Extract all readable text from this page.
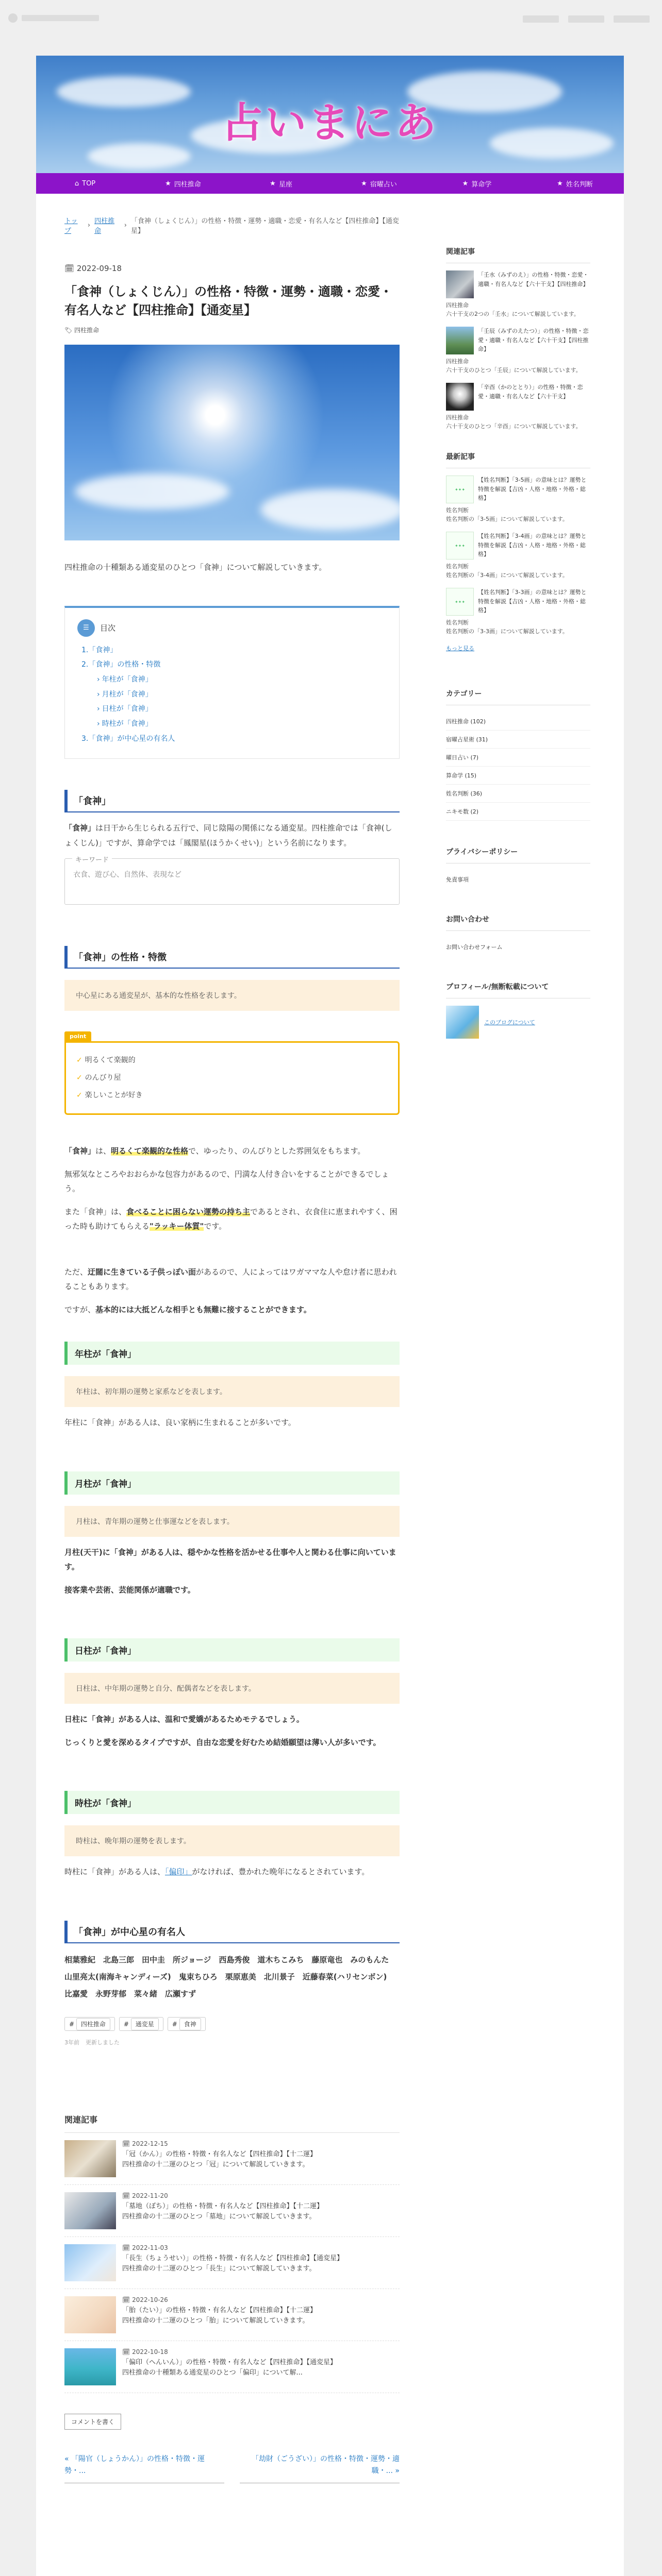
占いまにあ
⌂ TOP	★ 四柱推命	★ 星座	★ 宿曜占い	★ 算命学	★ 姓名判断
トップ
› 四柱推命
› 「食神（しょくじん）」の性格・特徴・運勢・適職・恋愛・有名人など【四柱推命】【通変星】
🗓 2022-09-18
「食神（しょくじん）」の性格・特徴・運勢・適職・恋愛・有名人など【四柱推命】【通変星】
🏷 四柱推命

四柱推命の十種類ある通変星のひとつ「食神」について解説していきます。

☰	目次
1.「食神」
2.「食神」の性格・特徴
› 年柱が「食神」
› 月柱が「食神」
› 日柱が「食神」
› 時柱が「食神」
3.「食神」が中心星の有名人
「食神」

「食神」は日干から生じられる五行で、同じ陰陽の関係になる通変星。四柱推命では「食神(しょくじん)」ですが、算命学では「鳳閣星(ほうかくせい)」という名前になります。

キーワード
衣食、遊び心、自然体、表現など
「食神」の性格・特徴
中心星にある通変星が、基本的な性格を表します。
point
✓ 明るくて楽観的
✓ のんびり屋
✓ 楽しいことが好き

「食神」は、明るくて楽観的な性格で、ゆったり、のんびりとした雰囲気をもちます。

無邪気なところやおおらかな包容力があるので、円満な人付き合いをすることができるでしょう。

また「食神」は、食べることに困らない運勢の持ち主であるとされ、衣食住に恵まれやすく、困った時も助けてもらえる"ラッキー体質"です。

ただ、迂闊に生きている子供っぽい面があるので、人によってはワガママな人や怠け者に思われることもあります。

ですが、基本的には大抵どんな相手とも無難に接することができます。

年柱が「食神」
年柱は、初年期の運勢と家系などを表します。

年柱に「食神」がある人は、良い家柄に生まれることが多いです。

月柱が「食神」
月柱は、青年期の運勢と仕事運などを表します。

月柱(天干)に「食神」がある人は、穏やかな性格を活かせる仕事や人と関わる仕事に向いています。

接客業や芸術、芸能関係が適職です。

日柱が「食神」
日柱は、中年期の運勢と自分、配偶者などを表します。

日柱に「食神」がある人は、温和で愛嬌があるためモテるでしょう。

じっくりと愛を深めるタイプですが、自由な恋愛を好むため結婚願望は薄い人が多いです。

時柱が「食神」
時柱は、晩年期の運勢を表します。

時柱に「食神」がある人は、「偏印」がなければ、豊かれた晩年になるとされています。

「食神」が中心星の有名人

相葉雅紀　北島三郎　田中圭　所ジョージ　西島秀俊　道木ちこみち　藤原竜也　みのもんた　山里亮太(南海キャンディーズ)　鬼束ちひろ　栗原恵美　北川景子　近藤春菜(ハリセンボン)　比嘉愛　永野芽郁　菜々緒　広瀬すず

# 四柱推命	# 通変星	# 食神
3年前 更新しました
関連記事
🗓 2022-12-15
「冠（かん）」の性格・特徴・有名人など【四柱推命】【十二運】
四柱推命の十二運のひとつ「冠」について解説していきます。
🗓 2022-11-20
「墓地（ぼち）」の性格・特徴・有名人など【四柱推命】【十二運】
四柱推命の十二運のひとつ「墓地」について解説していきます。
🗓 2022-11-03
「長生（ちょうせい）」の性格・特徴・有名人など【四柱推命】【通変星】
四柱推命の十二運のひとつ「長生」について解説していきます。
🗓 2022-10-26
「胎（たい）」の性格・特徴・有名人など【四柱推命】【十二運】
四柱推命の十二運のひとつ「胎」について解説していきます。
🗓 2022-10-18
「偏印（へんいん）」の性格・特徴・有名人など【四柱推命】【通変星】
四柱推命の十種類ある通変星のひとつ「偏印」について解...
コメントを書く
« 「陽官（しょうかん）」の性格・特徴・運勢・...
「劫財（ごうざい）」の性格・特徴・運勢・適職・... »
関連記事
「壬水（みずのえ）」の性格・特徴・恋愛・適職・有名人など【六十干支】【四柱推命】
四柱推命
六十干支の2つの「壬水」について解説しています。
「壬辰（みずのえたつ）」の性格・特徴・恋愛・適職・有名人など【六十干支】【四柱推命】
四柱推命
六十干支のひとつ「壬辰」について解説しています。
「辛酉（かのととり）」の性格・特徴・恋愛・適職・有名人など【六十干支】
四柱推命
六十干支のひとつ「辛酉」について解説しています。
最新記事
✦✦✦
【姓名判断】「3-5画」の意味とは？運勢と特徴を解説【吉凶・人格・地格・外格・総格】
姓名判断
姓名判断の「3-5画」について解説しています。
✦✦✦
【姓名判断】「3-4画」の意味とは？運勢と特徴を解説【吉凶・人格・地格・外格・総格】
姓名判断
姓名判断の「3-4画」について解説しています。
✦✦✦
【姓名判断】「3-3画」の意味とは？運勢と特徴を解説【吉凶・人格・地格・外格・総格】
姓名判断
姓名判断の「3-3画」について解説しています。
もっと見る
カテゴリー
四柱推命 (102)
宿曜占星術 (31)
曜日占い (7)
算命学 (15)
姓名判断 (36)
ニキモ数 (2)
プライバシーポリシー
免責事項
お問い合わせ
お問い合わせフォーム
プロフィール/無断転載について
このブログについて
